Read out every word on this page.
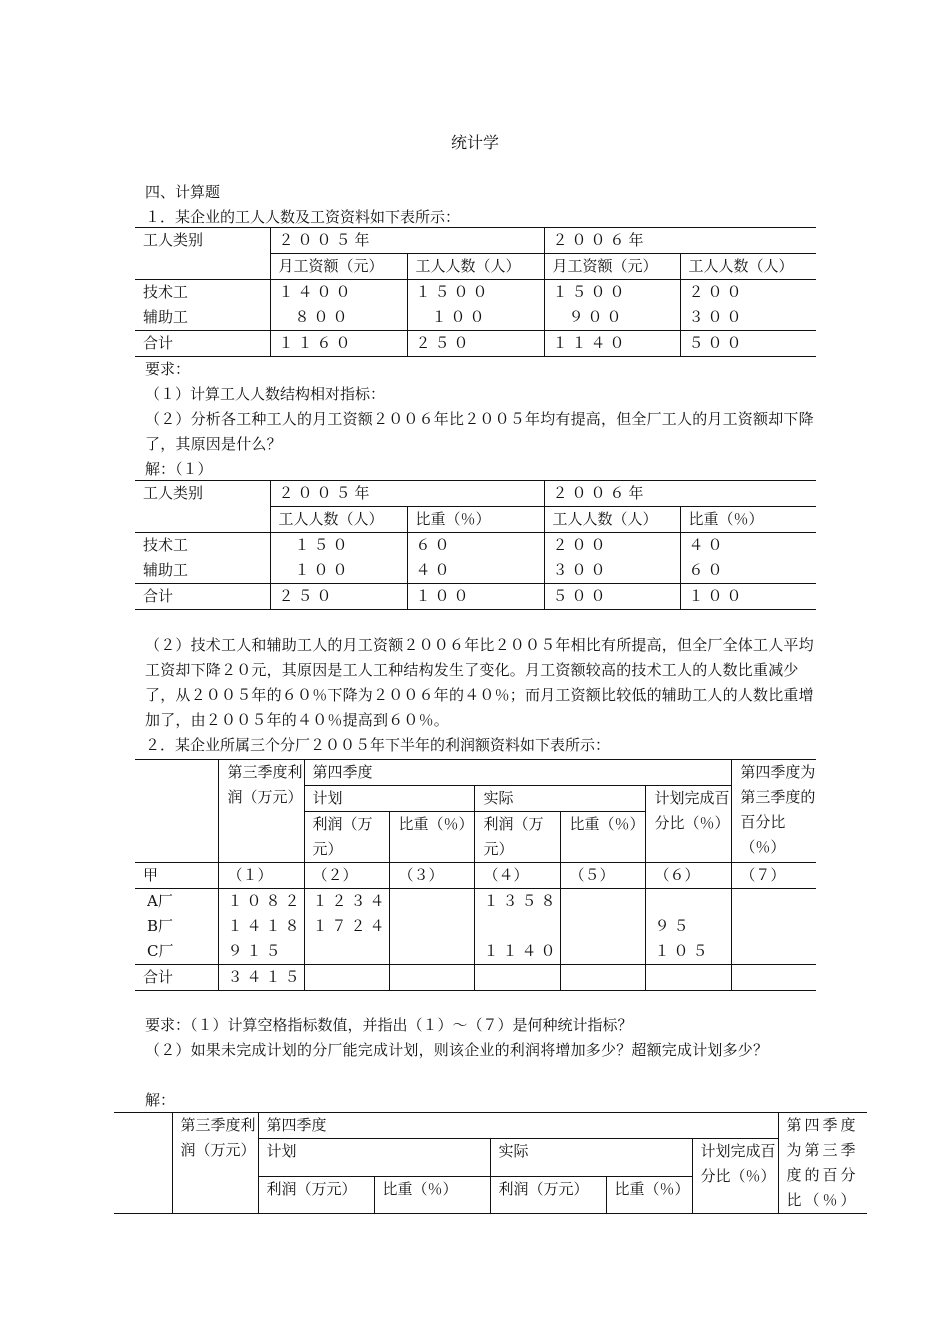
统计学
四、计算题
１．某企业的工人人数及工资资料如下表所示：
工人类别	２００５年		２００６年	
	月工资额（元）	工人人数（人）	月工资额（元）	工人人数（人）
技术工	１４００	１５００	１５００	２００
辅助工	８００	１００	９００	３００
合计	１１６０	２５０	１１４０	５００
要求：
（１）计算工人人数结构相对指标：
（２）分析各工种工人的月工资额２００６年比２００５年均有提高，但全厂工人的月工资额却下降了，其原因是什么？
解：（１）
工人类别	２００５年		２００６年	
	工人人数（人）	比重（％）	工人人数（人）	比重（％）
技术工	１５０	６０	２００	４０
辅助工	１００	４０	３００	６０
合计	２５０	１００	５００	１００
（２）技术工人和辅助工人的月工资额２００６年比２００５年相比有所提高，但全厂全体工人平均工资却下降２０元，其原因是工人工种结构发生了变化。月工资额较高的技术工人的人数比重减少了，从２００５年的６０％下降为２００６年的４０％；而月工资额比较低的辅助工人的人数比重增加了，由２００５年的４０％提高到６０％。
２．某企业所属三个分厂２００５年下半年的利润额资料如下表所示：
	第三季度利润（万元）	第四季度					第四季度为第三季度的百分比（％）
		计划		实际		计划完成百分比（％）	
		利润（万元）	比重（％）	利润（万元）	比重（％）		

甲	（１）	（２）	（３）	（４）	（５）	（６）	（７）
A厂	１０８２	１２３４		１３５８			
B厂	１４１８	１７２４				９５	
C厂	９１５			１１４０		１０５	
合计	３４１５						
要求：（１）计算空格指标数值，并指出（１）～（７）是何种统计指标？
（２）如果未完成计划的分厂能完成计划，则该企业的利润将增加多少？超额完成计划多少？
解：
	第三季度利润（万元）	第四季度					第四季度为第三季度的百分比（％）
		计划		实际		计划完成百分比（％）	
		利润（万元）	比重（％）	利润（万元）	比重（％）		
